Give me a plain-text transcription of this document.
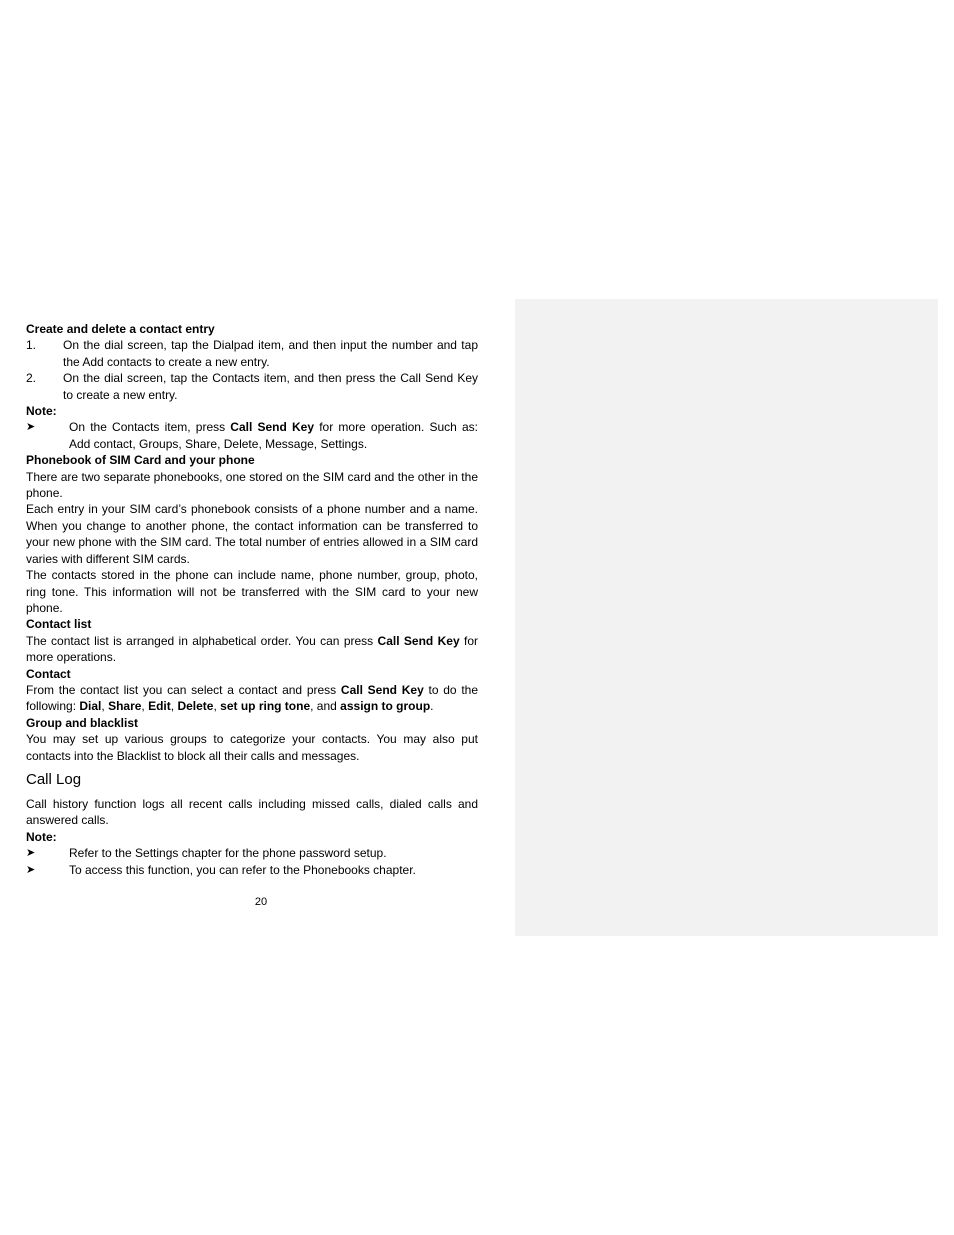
Create and delete a contact entry

1. On the dial screen, tap the Dialpad item, and then input the number and tap the Add contacts to create a new entry.
2. On the dial screen, tap the Contacts item, and then press the Call Send Key to create a new entry.

Note:

➤	On the Contacts item, press Call Send Key for more operation. Such as: Add contact, Groups, Share, Delete, Message, Settings.

Phonebook of SIM Card and your phone

There are two separate phonebooks, one stored on the SIM card and the other in the phone.

Each entry in your SIM card’s phonebook consists of a phone number and a name. When you change to another phone, the contact information can be transferred to your new phone with the SIM card. The total number of entries allowed in a SIM card varies with different SIM cards.

The contacts stored in the phone can include name, phone number, group, photo, ring tone. This information will not be transferred with the SIM card to your new phone.

Contact list

The contact list is arranged in alphabetical order. You can press Call Send Key for more operations.

Contact

From the contact list you can select a contact and press Call Send Key to do the following: Dial, Share, Edit, Delete, set up ring tone, and assign to group.

Group and blacklist

You may set up various groups to categorize your contacts. You may also put contacts into the Blacklist to block all their calls and messages.

Call Log

Call history function logs all recent calls including missed calls, dialed calls and answered calls.

Note:

➤	Refer to the Settings chapter for the phone password setup.
➤	To access this function, you can refer to the Phonebooks chapter.
20
